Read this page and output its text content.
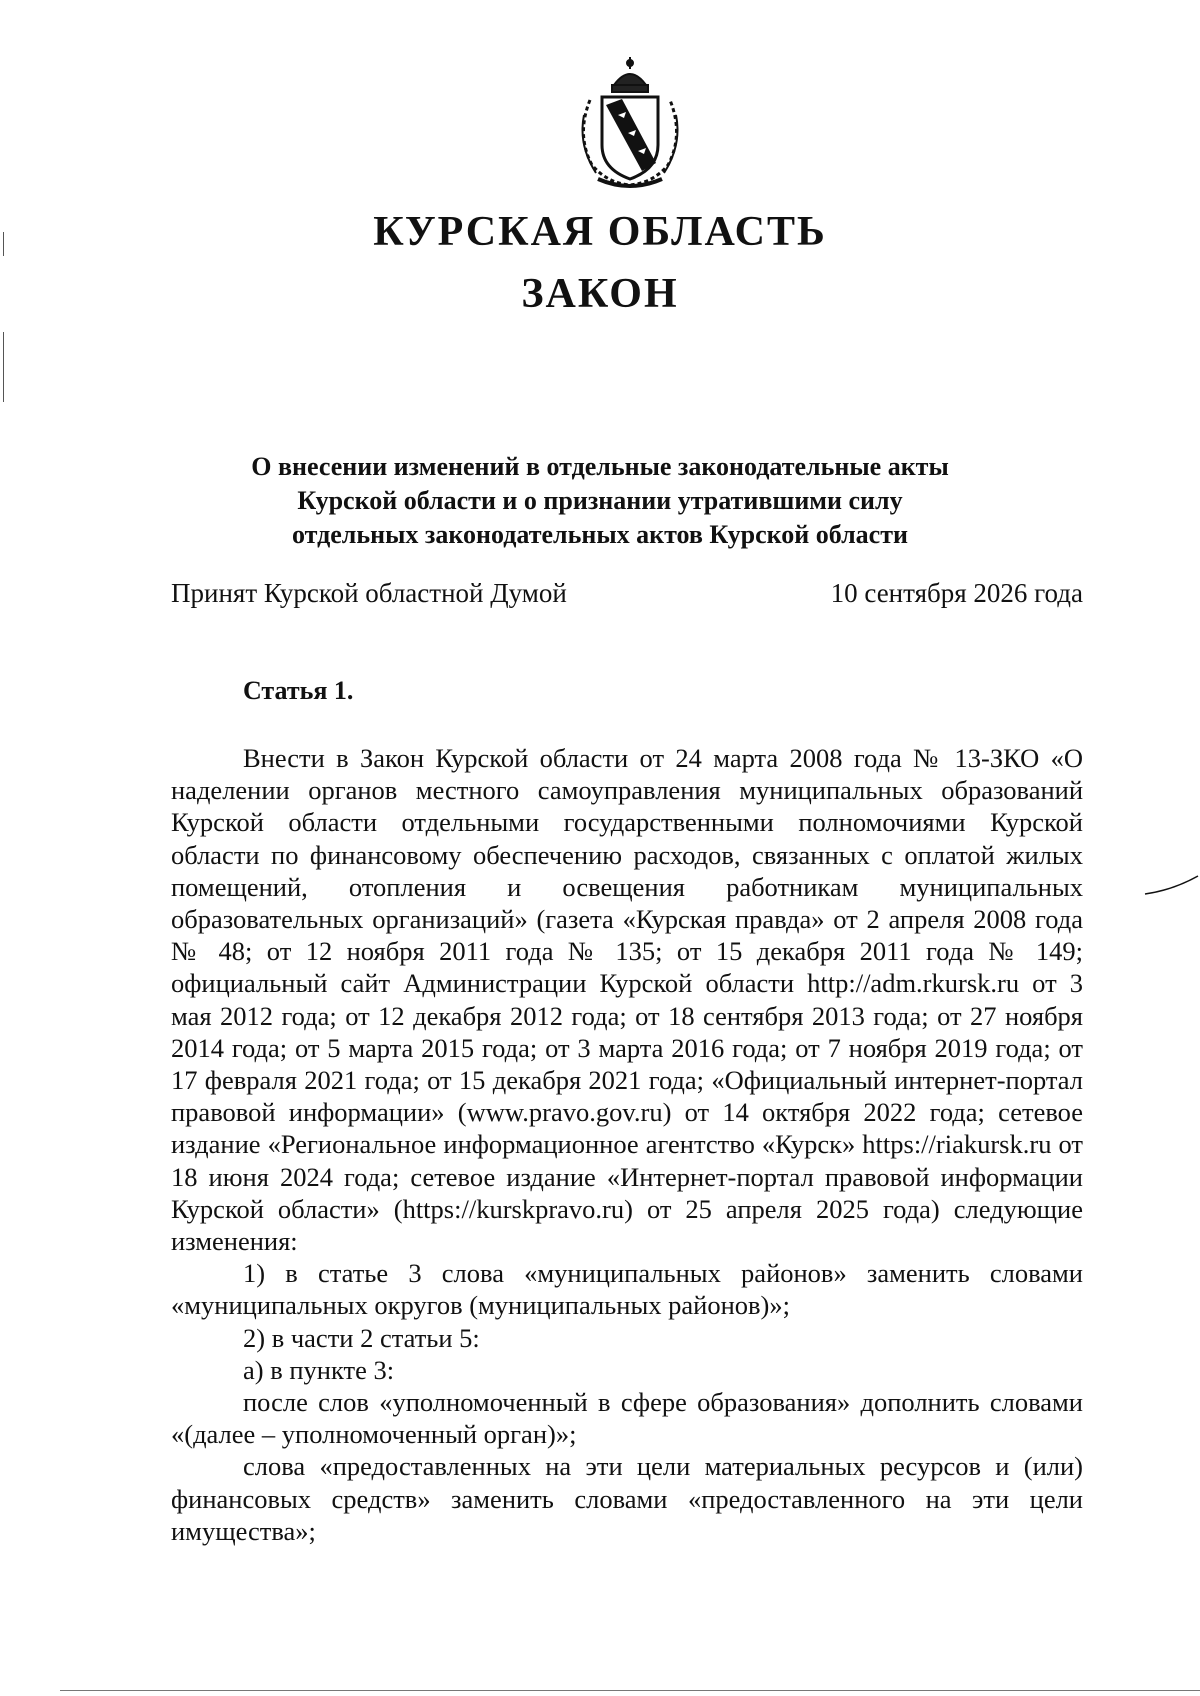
КУРСКАЯ ОБЛАСТЬ
ЗАКОН
О внесении изменений в отдельные законодательные акты
Курской области и о признании утратившими силу
отдельных законодательных актов Курской области
Принят Курской областной Думой	10 сентября 2026 года
Статья 1.

Внести в Закон Курской области от 24 марта 2008 года № 13-ЗКО «О наделении органов местного самоуправления муниципальных образований Курской области отдельными государственными полномочиями Курской области по финансовому обеспечению расходов, связанных с оплатой жилых помещений, отопления и освещения работникам муниципальных образовательных организаций» (газета «Курская правда» от 2 апреля 2008 года № 48; от 12 ноября 2011 года № 135; от 15 декабря 2011 года № 149; официальный сайт Администрации Курской области http://adm.rkursk.ru от 3 мая 2012 года; от 12 декабря 2012 года; от 18 сентября 2013 года; от 27 ноября 2014 года; от 5 марта 2015 года; от 3 марта 2016 года; от 7 ноября 2019 года; от 17 февраля 2021 года; от 15 декабря 2021 года; «Официальный интернет-портал правовой информации» (www.pravo.gov.ru) от 14 октября 2022 года; сетевое издание «Региональное информационное агентство «Курск» https://riakursk.ru от 18 июня 2024 года; сетевое издание «Интернет-портал правовой информации Курской области» (https://kurskpravo.ru) от 25 апреля 2025 года) следующие изменения:

1) в статье 3 слова «муниципальных районов» заменить словами «муниципальных округов (муниципальных районов)»;

2) в части 2 статьи 5:

а) в пункте 3:

после слов «уполномоченный в сфере образования» дополнить словами «(далее – уполномоченный орган)»;

слова «предоставленных на эти цели материальных ресурсов и (или) финансовых средств» заменить словами «предоставленного на эти цели имущества»;
